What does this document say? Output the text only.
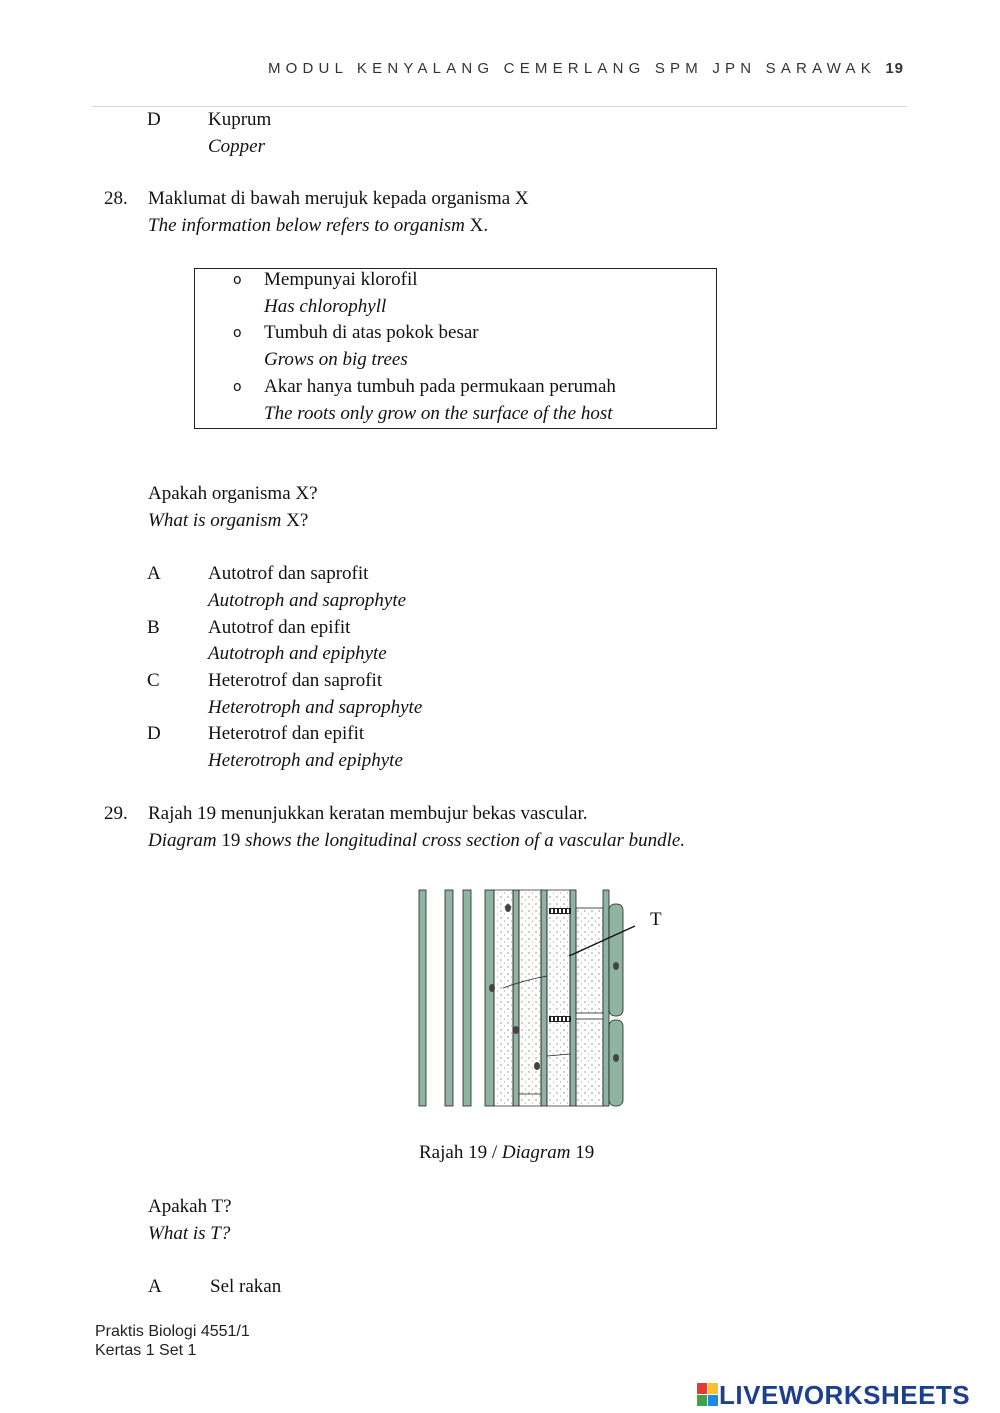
MODUL KENYALANG CEMERLANG SPM JPN SARAWAK 19
D Kuprum
Copper
28. Maklumat di bawah merujuk kepada organisma X
The information below refers to organism X.
o Mempunyai klorofil
Has chlorophyll
o Tumbuh di atas pokok besar
Grows on big trees
o Akar hanya tumbuh pada permukaan perumah
The roots only grow on the surface of the host
Apakah organisma X?
What is organism X?
A Autotrof dan saprofit
Autotroph and saprophyte
B	Autotrof dan epifit
Autotroph and epiphyte
C	Heterotrof dan saprofit
Heterotroph and saprophyte
D Heterotrof dan epifit
Heterotroph and epiphyte
29. Rajah 19 menunjukkan keratan membujur bekas vascular.
Diagram 19 shows the longitudinal cross section of a vascular bundle.
T
Rajah 19 / Diagram 19
Apakah T?
What is T?
A	Sel rakan
Praktis Biologi 4551/1
Kertas 1 Set 1
LIVEWORKSHEETS
